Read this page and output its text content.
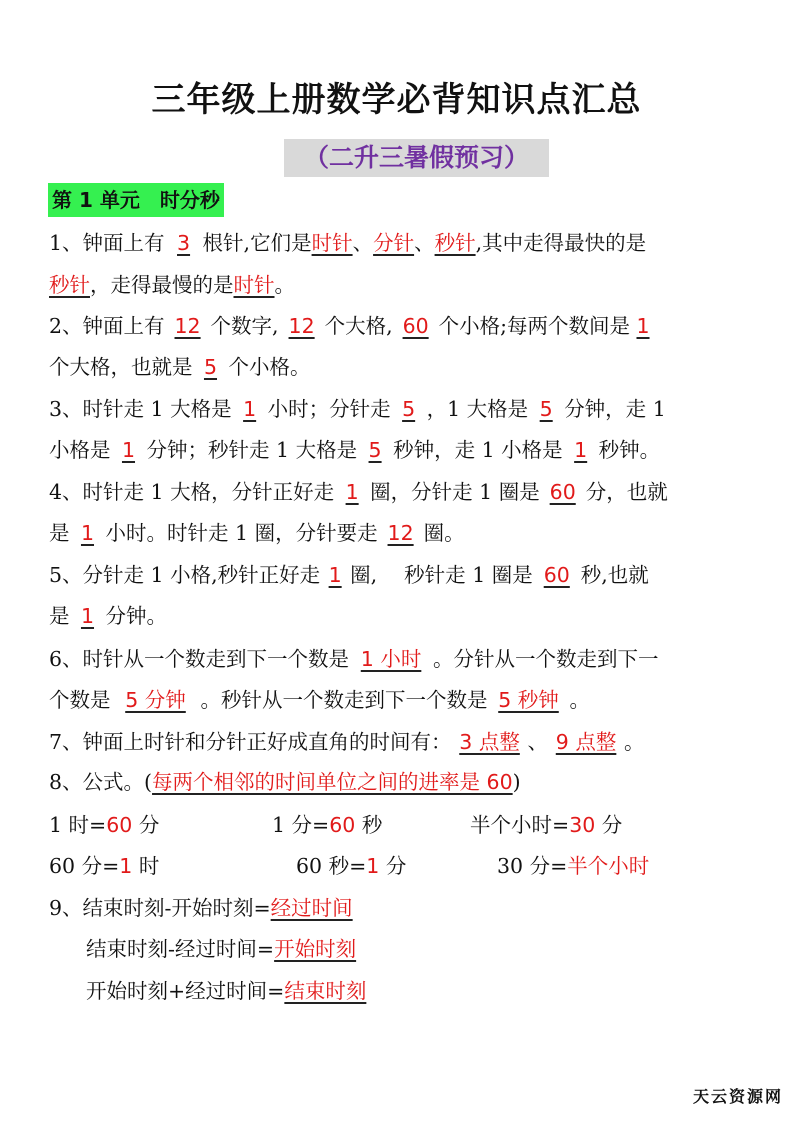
三年级上册数学必背知识点汇总
（二升三暑假预习）
第 1 单元　时分秒
1、钟面上有 3 根针,它们是时针、分针、秒针,其中走得最快的是
秒针，走得最慢的是时针。
2、钟面上有 12 个数字, 12 个大格, 60 个小格;每两个数间是 1
个大格，也就是 5 个小格。
3、时针走 1 大格是 1 小时；分针走 5 ，1 大格是 5 分钟，走 1
小格是 1 分钟；秒针走 1 大格是 5 秒钟，走 1 小格是 1 秒钟。
4、时针走 1 大格，分针正好走 1 圈，分针走 1 圈是 60 分，也就
是 1 小时。时针走 1 圈，分针要走 12 圈。
5、分针走 1 小格,秒针正好走 1 圈,　 秒针走 1 圈是 60 秒,也就
是 1 分钟。
6、时针从一个数走到下一个数是 1 小时 。分针从一个数走到下一
个数是 5 分钟 。秒针从一个数走到下一个数是 5 秒钟 。
7、钟面上时针和分针正好成直角的时间有： 3 点整 、 9 点整 。
8、公式。(每两个相邻的时间单位之间的进率是 60)
1 时=60 分	1 分=60 秒	半个小时=30 分
60 分=1 时	60 秒=1 分	30 分=半个小时
9、结束时刻-开始时刻=经过时间
结束时刻-经过时间=开始时刻
开始时刻+经过时间=结束时刻
天云资源网
